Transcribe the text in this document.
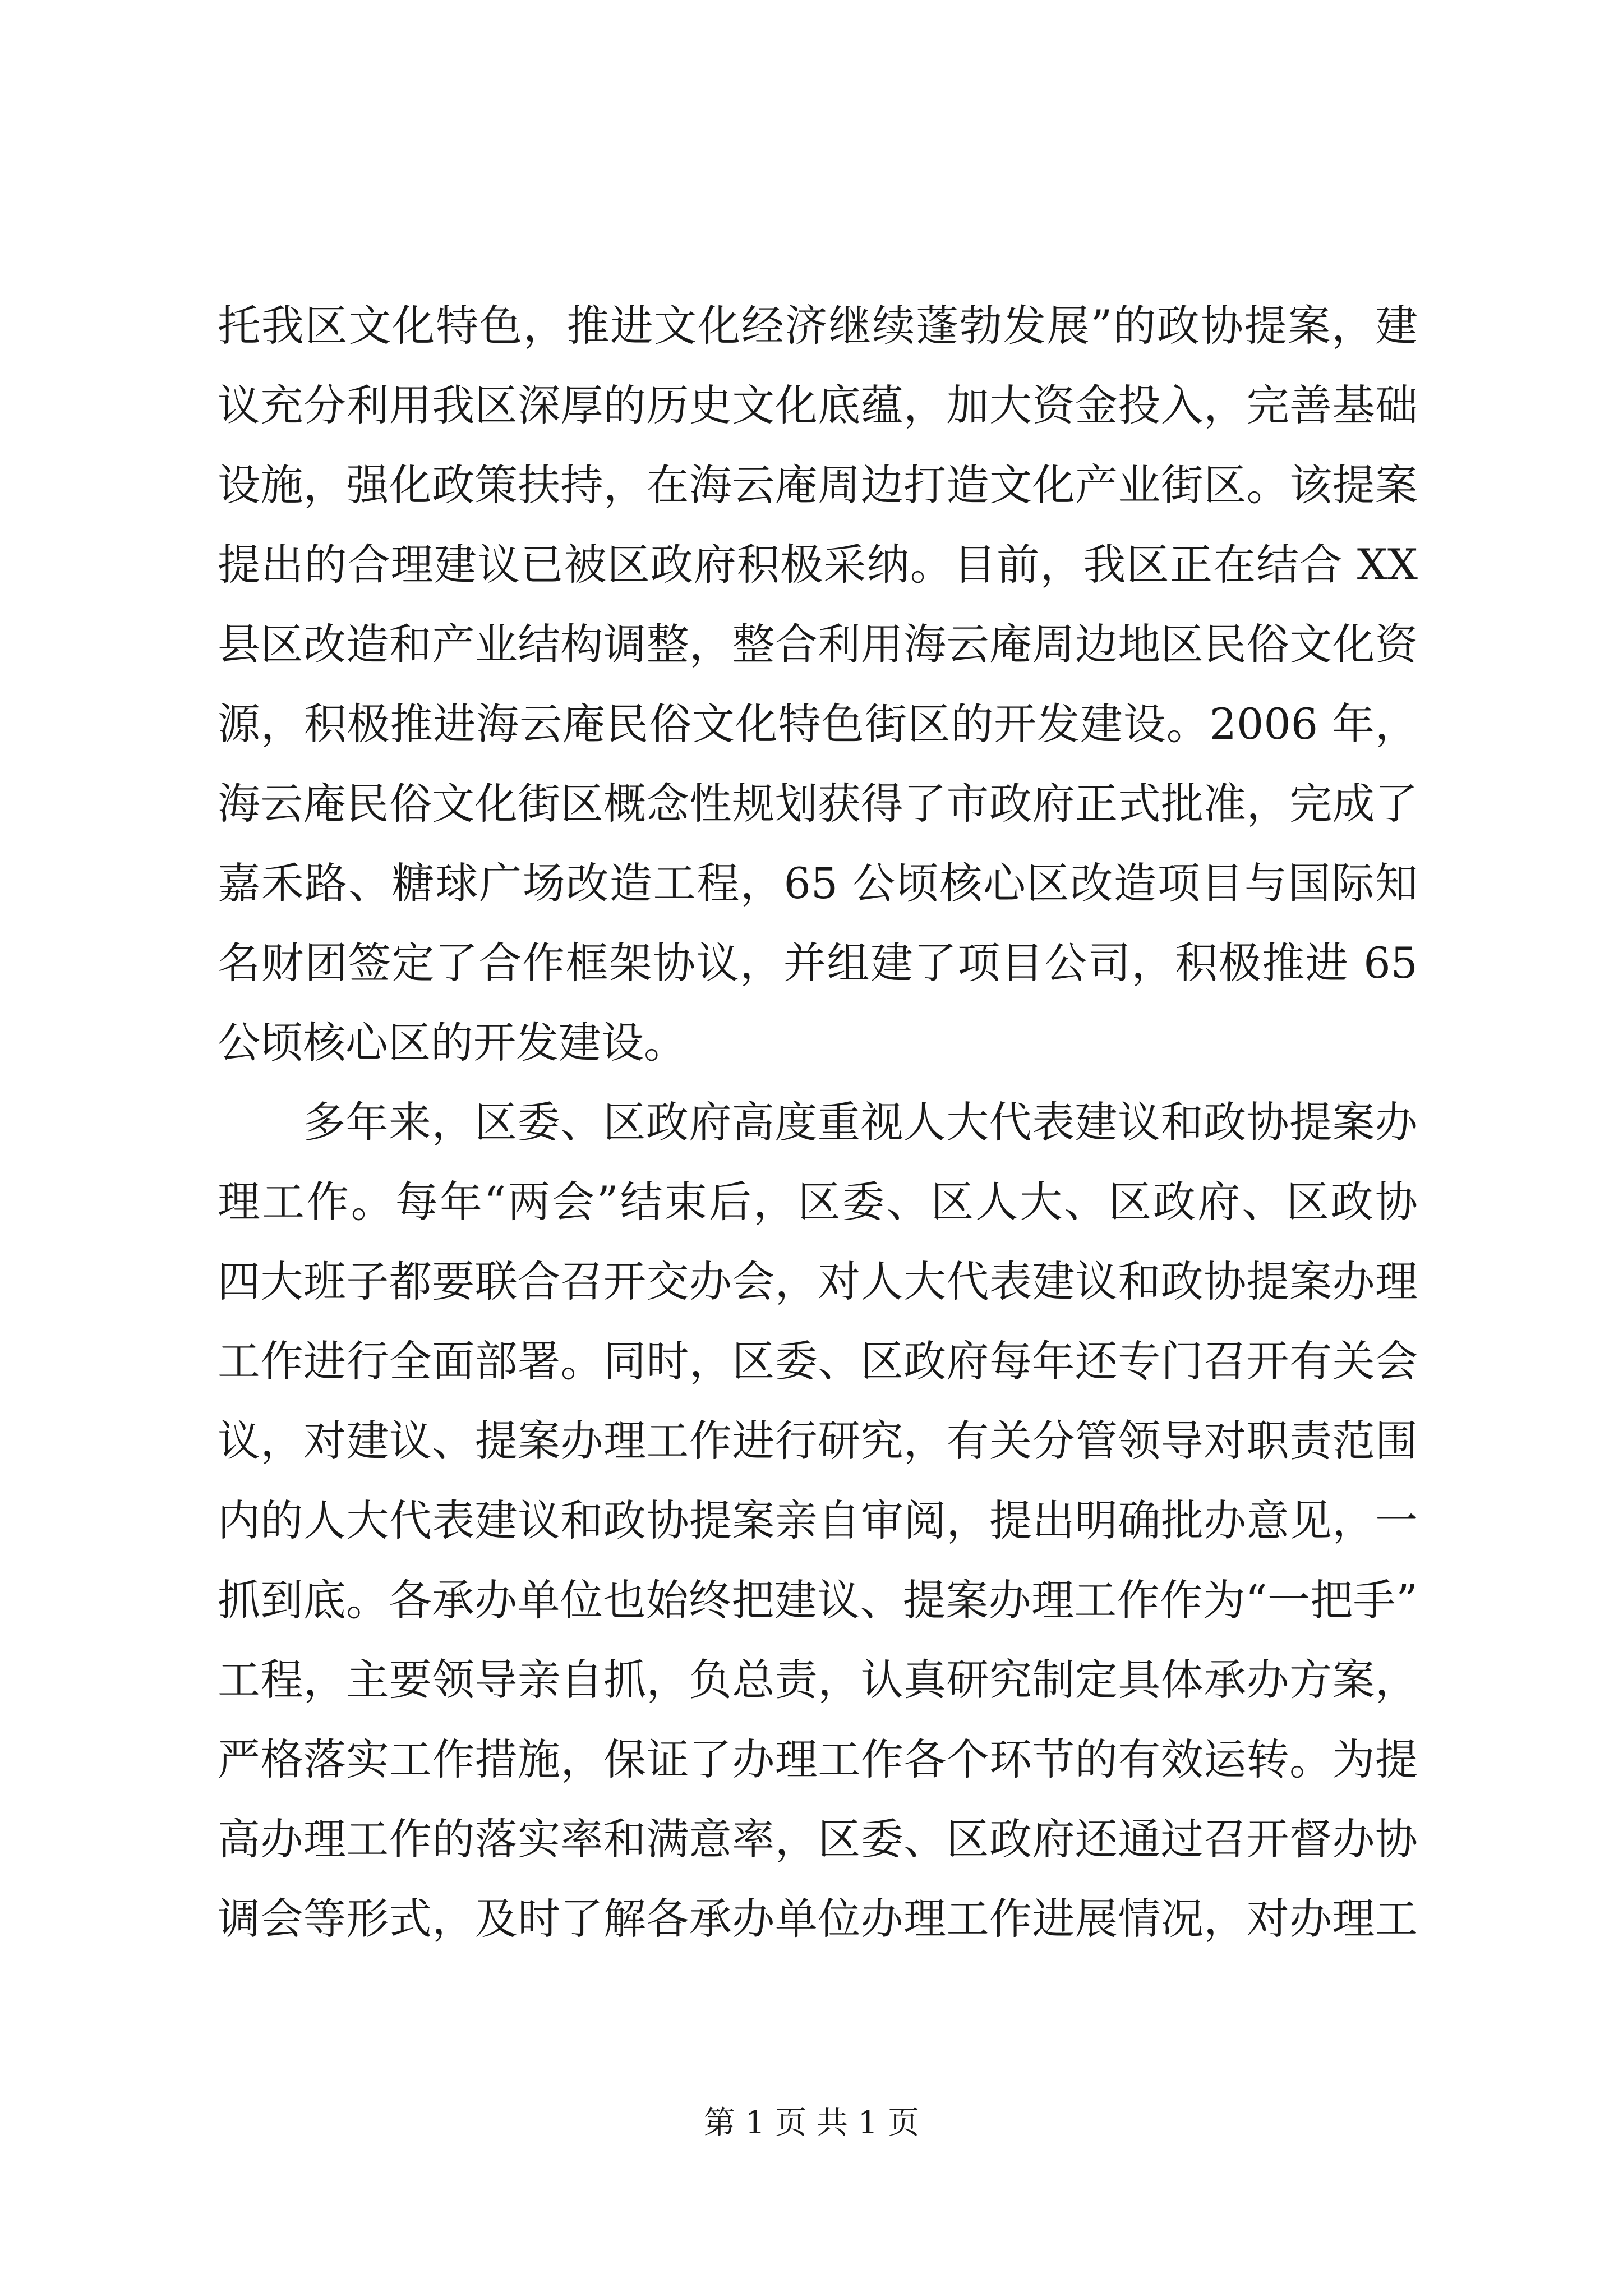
托我区文化特色，推进文化经济继续蓬勃发展”的政协提案，建
议充分利用我区深厚的历史文化底蕴，加大资金投入，完善基础
设施，强化政策扶持，在海云庵周边打造文化产业街区。该提案
提出的合理建议已被区政府积极采纳。目前，我区正在结合 XX
县区改造和产业结构调整，整合利用海云庵周边地区民俗文化资
源，积极推进海云庵民俗文化特色街区的开发建设。2006 年，
海云庵民俗文化街区概念性规划获得了市政府正式批准，完成了
嘉禾路、糖球广场改造工程，65 公顷核心区改造项目与国际知
名财团签定了合作框架协议，并组建了项目公司，积极推进 65
公顷核心区的开发建设。
多年来，区委、区政府高度重视人大代表建议和政协提案办
理工作。每年“两会”结束后，区委、区人大、区政府、区政协
四大班子都要联合召开交办会，对人大代表建议和政协提案办理
工作进行全面部署。同时，区委、区政府每年还专门召开有关会
议，对建议、提案办理工作进行研究，有关分管领导对职责范围
内的人大代表建议和政协提案亲自审阅，提出明确批办意见，一
抓到底。各承办单位也始终把建议、提案办理工作作为“一把手”
工程，主要领导亲自抓，负总责，认真研究制定具体承办方案，
严格落实工作措施，保证了办理工作各个环节的有效运转。为提
高办理工作的落实率和满意率，区委、区政府还通过召开督办协
调会等形式，及时了解各承办单位办理工作进展情况，对办理工
第 1 页 共 1 页
